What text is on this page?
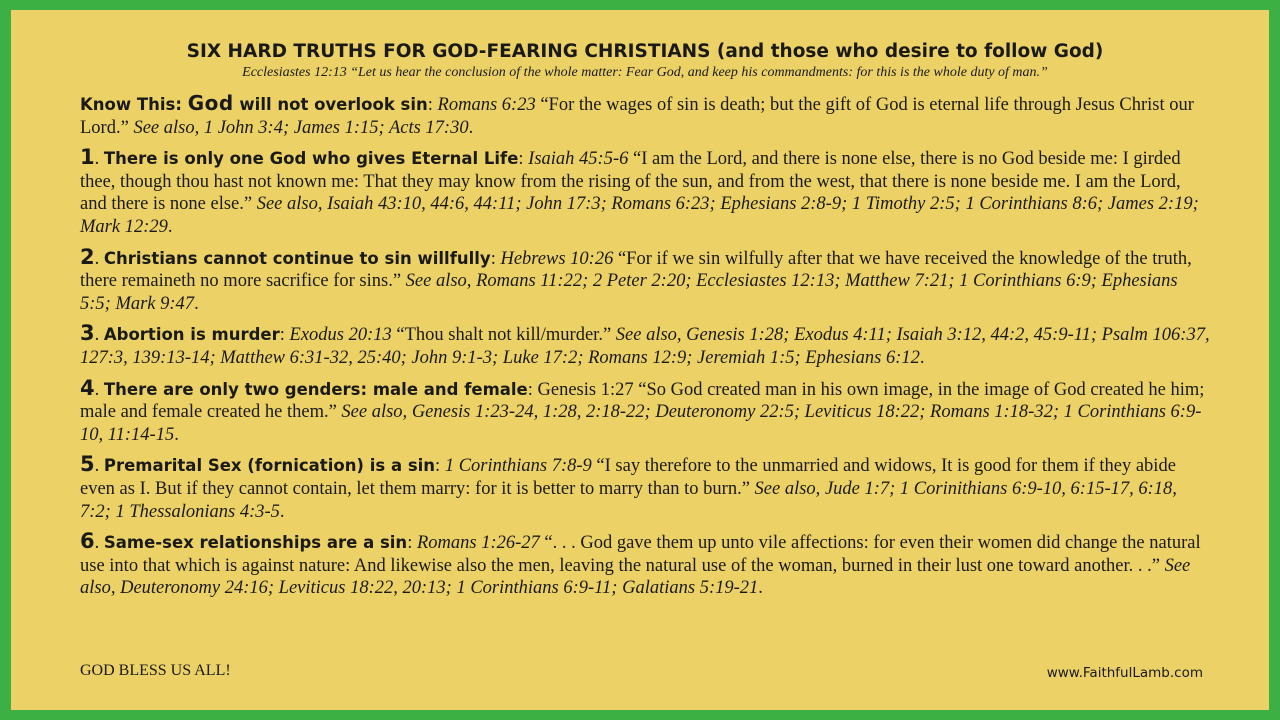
SIX HARD TRUTHS FOR GOD-FEARING CHRISTIANS (and those who desire to follow God)
Ecclesiastes 12:13 “Let us hear the conclusion of the whole matter: Fear God, and keep his commandments: for this is the whole duty of man.”
Know This: God will not overlook sin: Romans 6:23 “For the wages of sin is death; but the gift of God is eternal life through Jesus Christ our Lord.” See also, 1 John 3:4; James 1:15; Acts 17:30.
1. There is only one God who gives Eternal Life: Isaiah 45:5-6 “I am the Lord, and there is none else, there is no God beside me: I girded thee, though thou hast not known me: That they may know from the rising of the sun, and from the west, that there is none beside me. I am the Lord, and there is none else.” See also, Isaiah 43:10, 44:6, 44:11; John 17:3; Romans 6:23; Ephesians 2:8-9; 1 Timothy 2:5; 1 Corinthians 8:6; James 2:19; Mark 12:29.
2. Christians cannot continue to sin willfully: Hebrews 10:26 “For if we sin wilfully after that we have received the knowledge of the truth, there remaineth no more sacrifice for sins.” See also, Romans 11:22; 2 Peter 2:20; Ecclesiastes 12:13; Matthew 7:21; 1 Corinthians 6:9; Ephesians 5:5; Mark 9:47.
3. Abortion is murder: Exodus 20:13 “Thou shalt not kill/murder.” See also, Genesis 1:28; Exodus 4:11; Isaiah 3:12, 44:2, 45:9-11; Psalm 106:37, 127:3, 139:13-14; Matthew 6:31-32, 25:40; John 9:1-3; Luke 17:2; Romans 12:9; Jeremiah 1:5; Ephesians 6:12.
4. There are only two genders: male and female: Genesis 1:27 “So God created man in his own image, in the image of God created he him; male and female created he them.” See also, Genesis 1:23-24, 1:28, 2:18-22; Deuteronomy 22:5; Leviticus 18:22; Romans 1:18-32; 1 Corinthians 6:9-10, 11:14-15.
5. Premarital Sex (fornication) is a sin: 1 Corinthians 7:8-9 “I say therefore to the unmarried and widows, It is good for them if they abide even as I. But if they cannot contain, let them marry: for it is better to marry than to burn.” See also, Jude 1:7; 1 Corinithians 6:9-10, 6:15-17, 6:18, 7:2; 1 Thessalonians 4:3-5.
6. Same-sex relationships are a sin: Romans 1:26-27 “. . . God gave them up unto vile affections: for even their women did change the natural use into that which is against nature: And likewise also the men, leaving the natural use of the woman, burned in their lust one toward another. . .” See also, Deuteronomy 24:16; Leviticus 18:22, 20:13; 1 Corinthians 6:9-11; Galatians 5:19-21.
GOD BLESS US ALL!	www.FaithfulLamb.com
